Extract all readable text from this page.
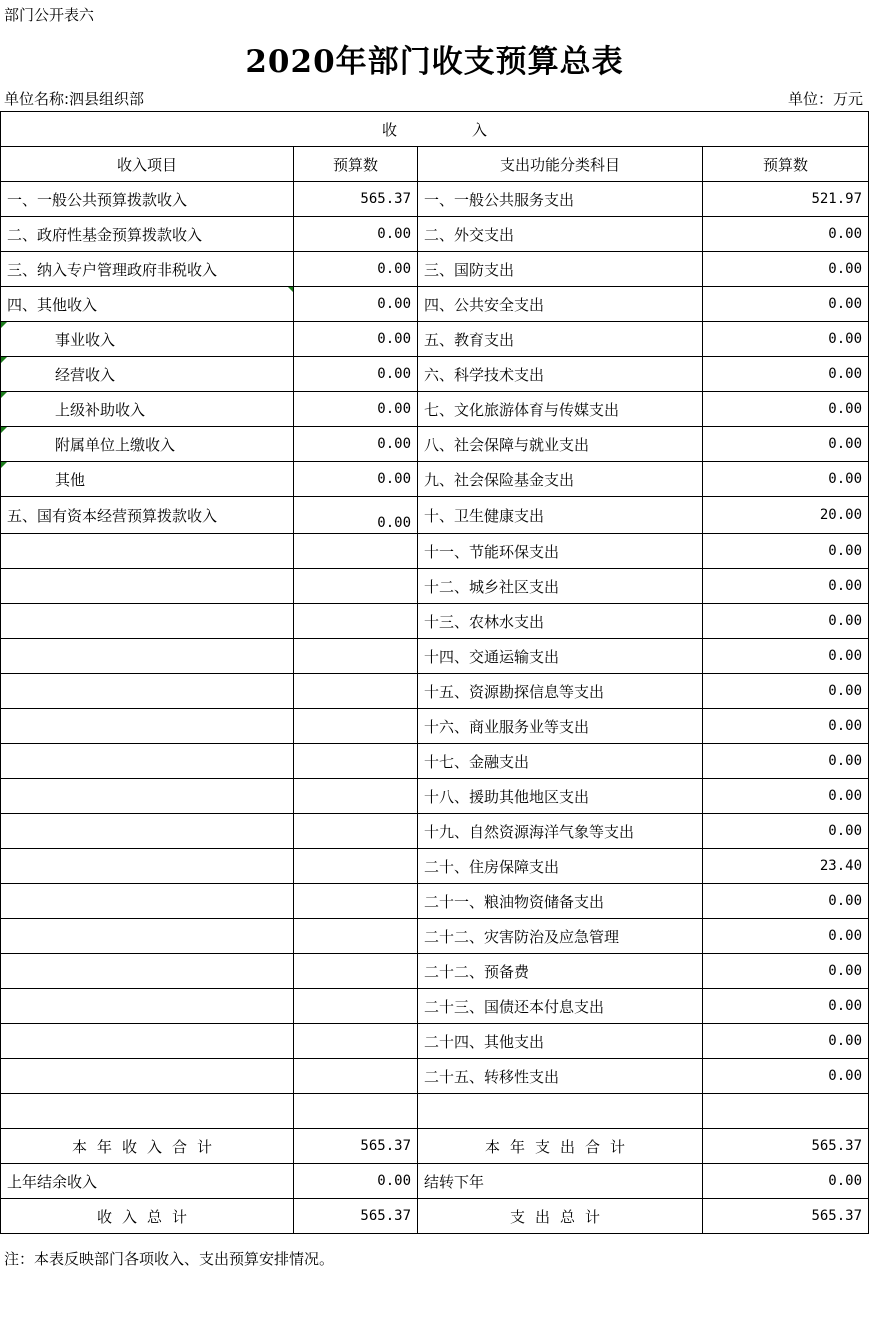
部门公开表六
2020年部门收支预算总表
单位名称:泗县组织部	单位：万元
收　　　　　入			
收入项目	预算数	支出功能分类科目	预算数
一、一般公共预算拨款收入	565.37	一、一般公共服务支出	521.97
二、政府性基金预算拨款收入	0.00	二、外交支出	0.00
三、纳入专户管理政府非税收入	0.00	三、国防支出	0.00
四、其他收入	0.00	四、公共安全支出	0.00
事业收入	0.00	五、教育支出	0.00
经营收入	0.00	六、科学技术支出	0.00
上级补助收入	0.00	七、文化旅游体育与传媒支出	0.00
附属单位上缴收入	0.00	八、社会保障与就业支出	0.00
其他	0.00	九、社会保险基金支出	0.00
五、国有资本经营预算拨款收入	0.00	十、卫生健康支出	20.00
		十一、节能环保支出	0.00
		十二、城乡社区支出	0.00
		十三、农林水支出	0.00
		十四、交通运输支出	0.00
		十五、资源勘探信息等支出	0.00
		十六、商业服务业等支出	0.00
		十七、金融支出	0.00
		十八、援助其他地区支出	0.00
		十九、自然资源海洋气象等支出	0.00
		二十、住房保障支出	23.40
		二十一、粮油物资储备支出	0.00
		二十二、灾害防治及应急管理	0.00
		二十二、预备费	0.00
		二十三、国债还本付息支出	0.00
		二十四、其他支出	0.00
		二十五、转移性支出	0.00

本年收入合计	565.37	本年支出合计	565.37
上年结余收入	0.00	结转下年	0.00
收入总计	565.37	支出总计	565.37
注：本表反映部门各项收入、支出预算安排情况。
